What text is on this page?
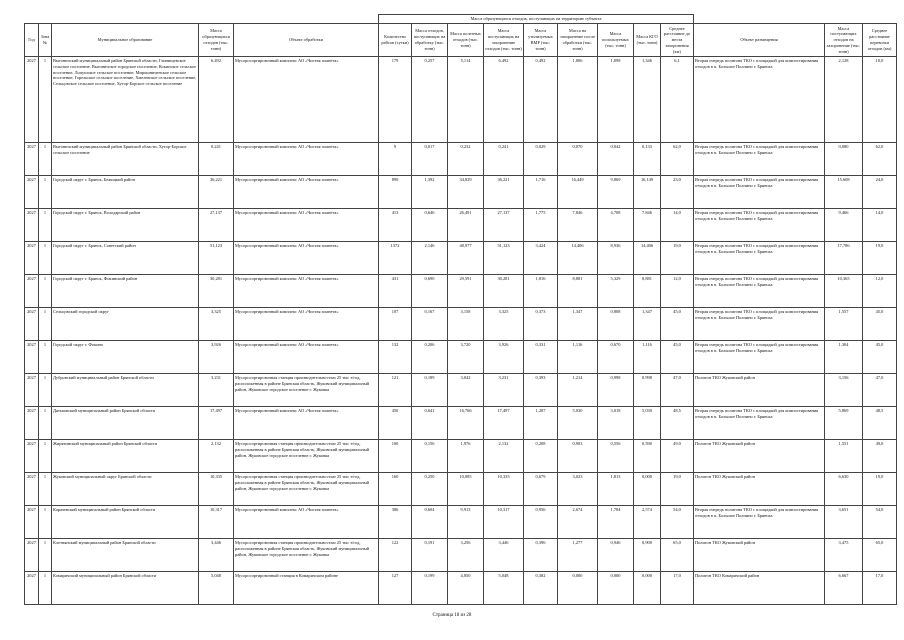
					Масса образующихся отходов, поступающих на территорию субъекта											
Год	Зона №	Муниципальное образование	Масса образующихся отходов (тыс. тонн)	Объект обработки	Количество рейсов (сутки)	Масса отходов, поступающих на обработку (тыс. тонн)	Масса полезных отходов (тыс. тонн)	Масса поступающих на захоронение отходов (тыс. тонн)	Масса утилизуемых ВМР (тыс. тонн)	Масса на захоронение после обработки (тыс. тонн)	Масса используемых (тыс. тонн)	Масса КГО (тыс. тонн)	Среднее расстояние до места захоронения (км)	Объект размещения	Масса поступающих отходов на захоронение (тыс. тонн)	Среднее расстояние перевозки отходов (км)
2027	1	Выгоничский муниципальный район Брянской области, Глинищевское сельское поселение, Выгоничское городское поселение, Кокинское сельское поселение, Лопушское сельское поселение, Мирошниченское сельское поселение, Горельское сельское поселение, Хмелевское сельское поселение, Сельцовское сельское поселение, Хутор-Борское сельское поселение	6,492	Мусоросортировочный комплекс АО «Чистая планета»	179	0,257	5,114	6,492	0,492	1,806	1,098	1,346	6,1	Вторая очередь полигона ТКО с площадкой для компостирования отходов в п. Большое Полпино г. Брянска	2,128	10,0
2027	1	Выгоничский муниципальный район Брянской области, Хутор-Борское сельское поселение	0,241	Мусоросортировочный комплекс АО «Чистая планета»	9	0,017	0,232	0,241	0,029	0,070	0,042	0,133	62,0	Вторая очередь полигона ТКО с площадкой для компостирования отходов в п. Большое Полпино г. Брянска	0,080	62,0
2027	1	Городской округ г. Брянск, Бежицкий район	36,221	Мусоросортировочный комплекс АО «Чистая планета»	890	1,392	34,829	36,221	1,716	16,449	9,869	16,149	23,0	Вторая очередь полигона ТКО с площадкой для компостирования отходов в п. Большое Полпино г. Брянска	15,608	24,0
2027	1	Городской округ г. Брянск, Володарский район	27,137	Мусоросортировочный комплекс АО «Чистая планета»	413	0,646	26,491	27,137	1,775	7,846	4,708	7,846	14,0	Вторая очередь полигона ТКО с площадкой для компостирования отходов в п. Большое Полпино г. Брянска	9,466	14,0
2027	1	Городской округ г. Брянск, Советский район	51,123	Мусоросортировочный комплекс АО «Чистая планета»	1372	2,146	48,977	51,123	3,424	14,406	8,936	14,406	19,0	Вторая очередь полигона ТКО с площадкой для компостирования отходов в п. Большое Полпино г. Брянска	17,786	19,0
2027	1	Городской округ г. Брянск, Фокинский район	30,281	Мусоросортировочный комплекс АО «Чистая планета»	431	0,690	29,591	30,281	1,816	8,881	5,329	8,881	12,0	Вторая очередь полигона ТКО с площадкой для компостирования отходов в п. Большое Полпино г. Брянска	10,365	12,0
2027	1	Сельцовский городской округ	3,325	Мусоросортировочный комплекс АО «Чистая планета»	107	0,167	3,158	3,325	0,373	1,347	0,808	1,347	45,0	Вторая очередь полигона ТКО с площадкой для компостирования отходов в п. Большое Полпино г. Брянска	1,557	45,0
2027	1	Городской округ г. Фокино	3,926	Мусоросортировочный комплекс АО «Чистая планета»	132	0,206	3,720	3,926	0,331	1,116	0,670	1,116	45,0	Вторая очередь полигона ТКО с площадкой для компостирования отходов в п. Большое Полпино г. Брянска	1,304	45,0
2027	1	Дубровский муниципальный район Брянской области	3,231	Мусоросортировочная станция производительностью 25 тыс т/год, расположенная в районе Брянская область, Жуковский муниципальный район, Жуковское городское поселение г. Жуковка	121	0,189	3,042	3,231	0,393	1,214	0,998	0,998	47,0	Полигон ТКО Жуковский район	3,156	47,0
2027	1	Дятьковский муниципальный район Брянской области	17,497	Мусоросортировочный комплекс АО «Чистая планета»	450	0,641	16,766	17,497	1,287	5,030	3,018	5,030	48,5	Вторая очередь полигона ТКО с площадкой для компостирования отходов в п. Большое Полпино г. Брянска	5,869	48,5
2027	1	Жирятинский муниципальный район Брянской области	2,132	Мусоросортировочная станция производительностью 25 тыс т/год, расположенная в районе Брянская область, Жуковский муниципальный район, Жуковское городское поселение г. Жуковка	100	0,156	1,976	2,132	0,208	0,903	0,556	0,590	49,0	Полигон ТКО Жуковский район	1,551	49,0
2027	1	Жуковский муниципальный округ Брянской области	10,335	Мусоросортировочная станция производительностью 25 тыс т/год, расположенная в районе Брянская область, Жуковский муниципальный район, Жуковское городское поселение г. Жуковка	160	0,250	10,085	10,335	0,679	3,023	1,813	0,000	19,0	Полигон ТКО Жуковский район	6,630	19,0
2027	1	Карачевский муниципальный район Брянской области	10,317	Мусоросортировочный комплекс АО «Чистая планета»	386	0,604	9,913	10,317	0,956	2,674	1,784	2,574	54,0	Вторая очередь полигона ТКО с площадкой для компостирования отходов в п. Большое Полпино г. Брянска	3,651	54,0
2027	1	Клетнянский муниципальный район Брянской области	3,446	Мусоросортировочная станция производительностью 25 тыс т/год, расположенная в районе Брянская область, Жуковский муниципальный район, Жуковское городское поселение г. Жуковка	122	0,191	3,256	3,446	0,396	1,277	0,946	0,900	65,0	Полигон ТКО Жуковский район	3,475	65,0
2027	1	Комаричский муниципальный район Брянской области	5,048	Мусоросортировочный станция в Комаричском районе	127	0,199	4,850	5,048	0,382	0,000	0,000	0,000	17,0	Полигон ТКО Комаричский район	6,667	17,0
Страница 18 из 28
